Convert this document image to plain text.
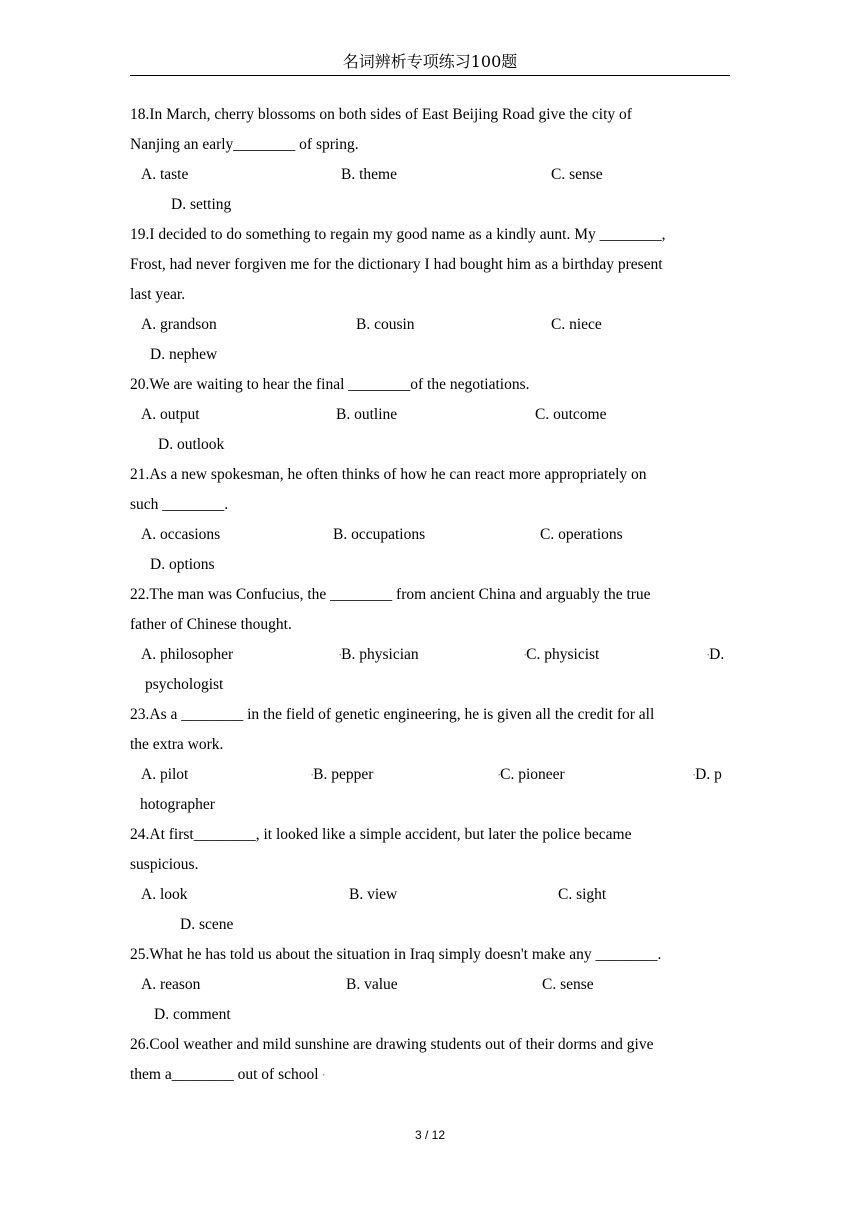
名词辨析专项练习100题
18.In March, cherry blossoms on both sides of East Beijing Road give the city of
Nanjing an early________ of spring.
A. taste	B. theme	C. sense
D. setting
19.I decided to do something to regain my good name as a kindly aunt. My ________,
Frost, had never forgiven me for the dictionary I had bought him as a birthday present
last year.
A. grandson	B. cousin	C. niece
D. nephew
20.We are waiting to hear the final ________of the negotiations.
A. output	B. outline	C. outcome
D. outlook
21.As a new spokesman, he often thinks of how he can react more appropriately on
such ________.
A. occasions	B. occupations	C. operations
D. options
22.The man was Confucius, the ________ from ancient China and arguably the true
father of Chinese thought.
A. philosopher	▪B. physician	▪C. physicist	▪D.
psychologist
23.As a ________ in the field of genetic engineering, he is given all the credit for all
the extra work.
A. pilot	▪B. pepper	▪C. pioneer	▪D. p
hotographer
24.At first________, it looked like a simple accident, but later the police became
suspicious.
A. look	B. view	C. sight
D. scene
25.What he has told us about the situation in Iraq simply doesn't make any ________.
A. reason	B. value	C. sense
D. comment
26.Cool weather and mild sunshine are drawing students out of their dorms and give
them a________ out of school ▪
3 / 12
